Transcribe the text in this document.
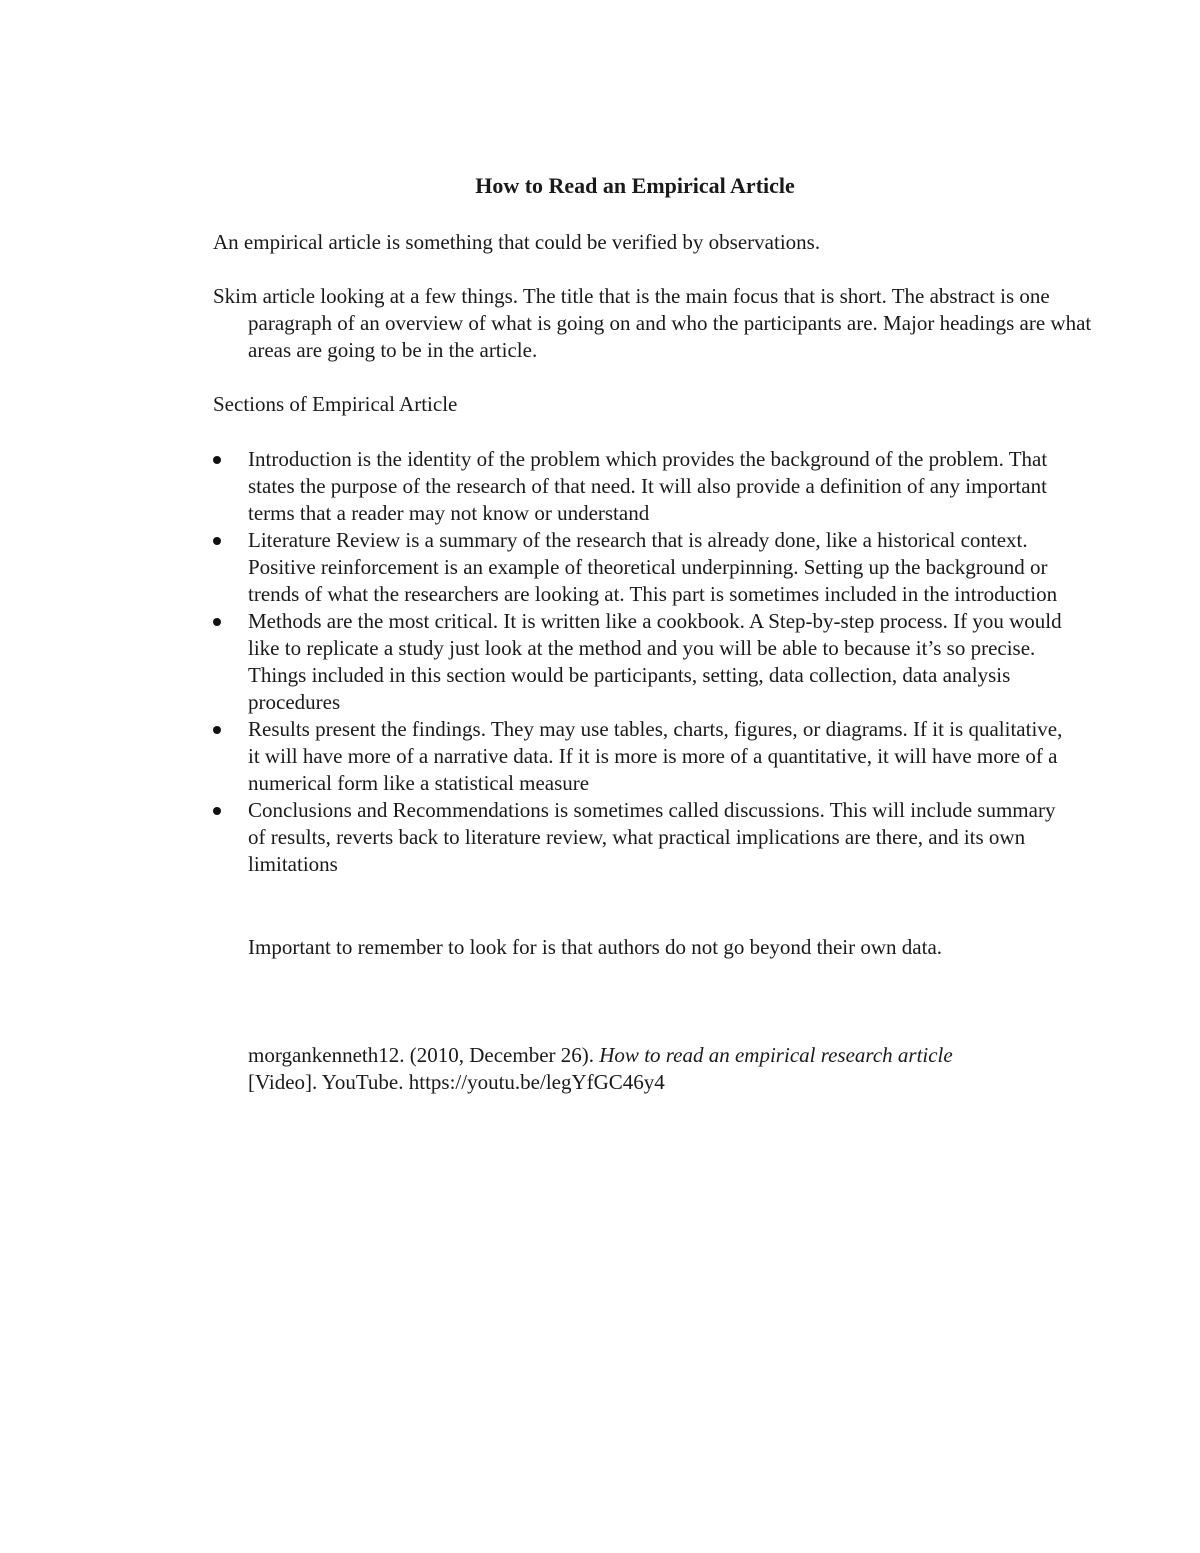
How to Read an Empirical Article

An empirical article is something that could be verified by observations.

Skim article looking at a few things. The title that is the main focus that is short. The abstract is one paragraph of an overview of what is going on and who the participants are. Major headings are what areas are going to be in the article.

Sections of Empirical Article

Introduction is the identity of the problem which provides the background of the problem. That states the purpose of the research of that need. It will also provide a definition of any important terms that a reader may not know or understand
Literature Review is a summary of the research that is already done, like a historical context. Positive reinforcement is an example of theoretical underpinning. Setting up the background or trends of what the researchers are looking at. This part is sometimes included in the introduction
Methods are the most critical. It is written like a cookbook. A Step-by-step process. If you would like to replicate a study just look at the method and you will be able to because it’s so precise. Things included in this section would be participants, setting, data collection, data analysis procedures
Results present the findings. They may use tables, charts, figures, or diagrams. If it is qualitative, it will have more of a narrative data. If it is more is more of a quantitative, it will have more of a numerical form like a statistical measure
Conclusions and Recommendations is sometimes called discussions. This will include summary of results, reverts back to literature review, what practical implications are there, and its own limitations

Important to remember to look for is that authors do not go beyond their own data.

morgankenneth12. (2010, December 26). How to read an empirical research article [Video]. YouTube. https://youtu.be/legYfGC46y4
